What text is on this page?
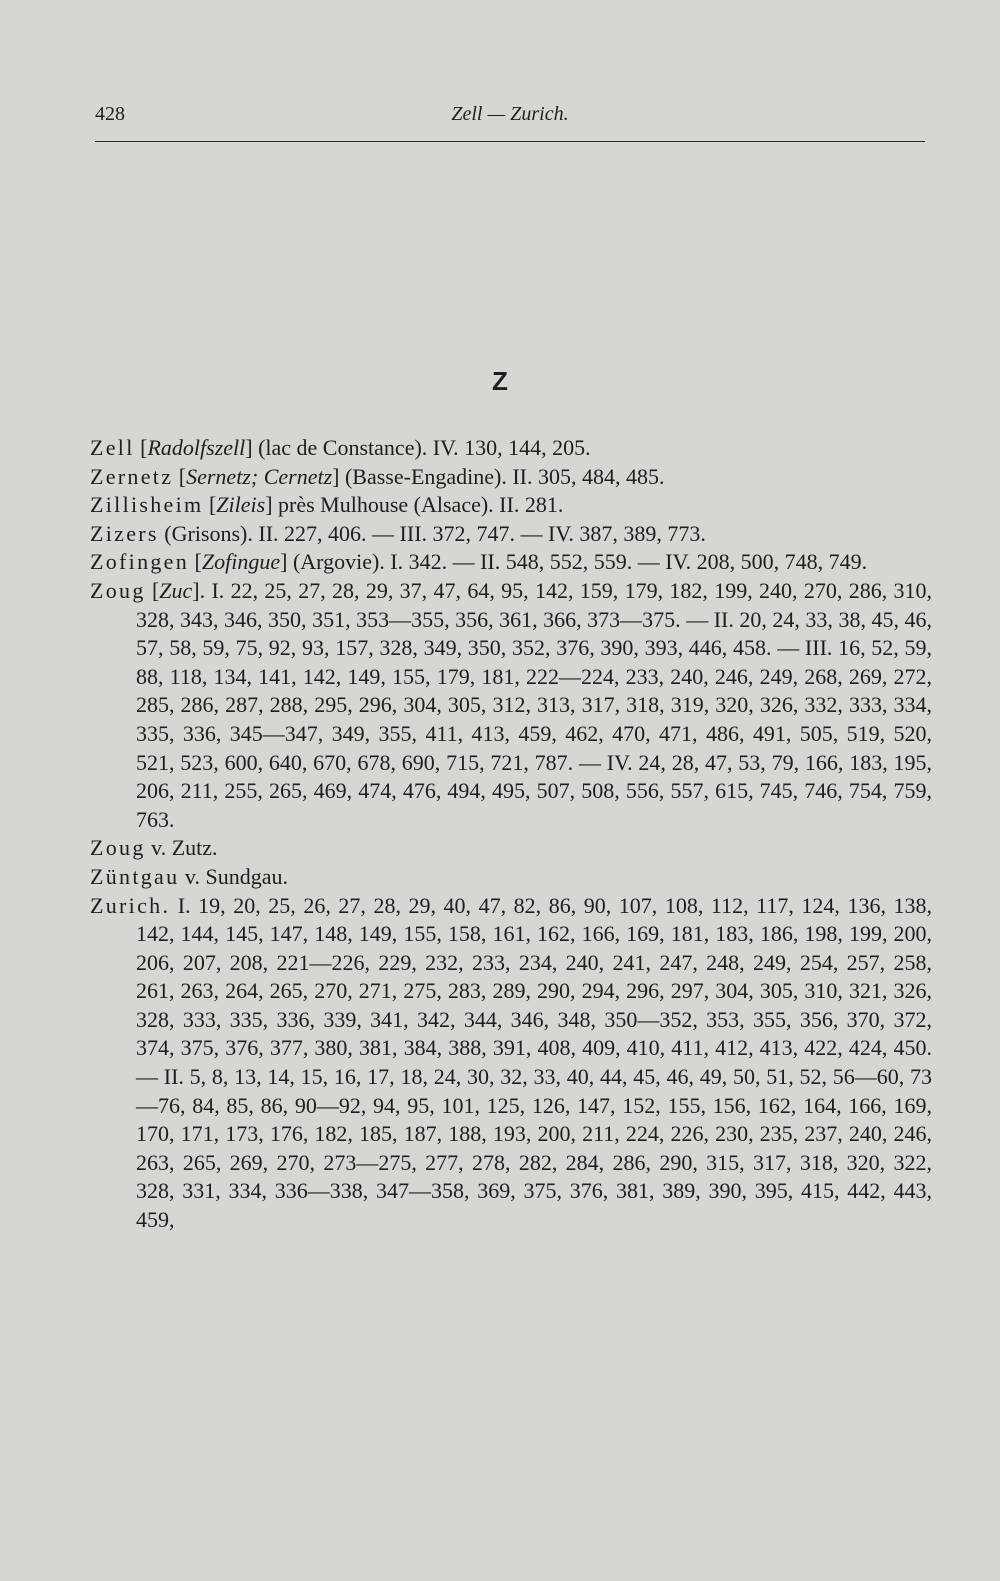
428	Zell — Zurich.
Z

Zell [Radolfszell] (lac de Constance). IV. 130, 144, 205.

Zernetz [Sernetz; Cernetz] (Basse-Engadine). II. 305, 484, 485.

Zillisheim [Zileis] près Mulhouse (Alsace). II. 281.

Zizers (Grisons). II. 227, 406. — III. 372, 747. — IV. 387, 389, 773.

Zofingen [Zofingue] (Argovie). I. 342. — II. 548, 552, 559. — IV. 208, 500, 748, 749.

Zoug [Zuc]. I. 22, 25, 27, 28, 29, 37, 47, 64, 95, 142, 159, 179, 182, 199, 240, 270, 286, 310, 328, 343, 346, 350, 351, 353—355, 356, 361, 366, 373—375. — II. 20, 24, 33, 38, 45, 46, 57, 58, 59, 75, 92, 93, 157, 328, 349, 350, 352, 376, 390, 393, 446, 458. — III. 16, 52, 59, 88, 118, 134, 141, 142, 149, 155, 179, 181, 222—224, 233, 240, 246, 249, 268, 269, 272, 285, 286, 287, 288, 295, 296, 304, 305, 312, 313, 317, 318, 319, 320, 326, 332, 333, 334, 335, 336, 345—347, 349, 355, 411, 413, 459, 462, 470, 471, 486, 491, 505, 519, 520, 521, 523, 600, 640, 670, 678, 690, 715, 721, 787. — IV. 24, 28, 47, 53, 79, 166, 183, 195, 206, 211, 255, 265, 469, 474, 476, 494, 495, 507, 508, 556, 557, 615, 745, 746, 754, 759, 763.

Zoug v. Zutz.

Züntgau v. Sundgau.

Zurich. I. 19, 20, 25, 26, 27, 28, 29, 40, 47, 82, 86, 90, 107, 108, 112, 117, 124, 136, 138, 142, 144, 145, 147, 148, 149, 155, 158, 161, 162, 166, 169, 181, 183, 186, 198, 199, 200, 206, 207, 208, 221—226, 229, 232, 233, 234, 240, 241, 247, 248, 249, 254, 257, 258, 261, 263, 264, 265, 270, 271, 275, 283, 289, 290, 294, 296, 297, 304, 305, 310, 321, 326, 328, 333, 335, 336, 339, 341, 342, 344, 346, 348, 350—352, 353, 355, 356, 370, 372, 374, 375, 376, 377, 380, 381, 384, 388, 391, 408, 409, 410, 411, 412, 413, 422, 424, 450. — II. 5, 8, 13, 14, 15, 16, 17, 18, 24, 30, 32, 33, 40, 44, 45, 46, 49, 50, 51, 52, 56—60, 73—76, 84, 85, 86, 90—92, 94, 95, 101, 125, 126, 147, 152, 155, 156, 162, 164, 166, 169, 170, 171, 173, 176, 182, 185, 187, 188, 193, 200, 211, 224, 226, 230, 235, 237, 240, 246, 263, 265, 269, 270, 273—275, 277, 278, 282, 284, 286, 290, 315, 317, 318, 320, 322, 328, 331, 334, 336—338, 347—358, 369, 375, 376, 381, 389, 390, 395, 415, 442, 443, 459,
